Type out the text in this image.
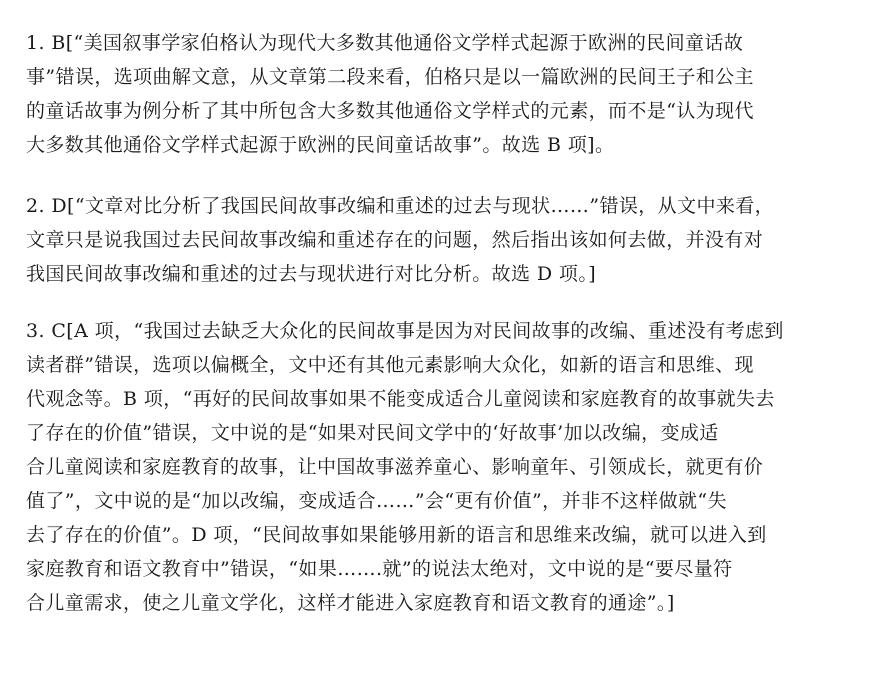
1. B[“美国叙事学家伯格认为现代大多数其他通俗文学样式起源于欧洲的民间童话故
事”错误，选项曲解文意，从文章第二段来看，伯格只是以一篇欧洲的民间王子和公主
的童话故事为例分析了其中所包含大多数其他通俗文学样式的元素，而不是“认为现代
大多数其他通俗文学样式起源于欧洲的民间童话故事”。故选 B 项]。
2. D[“文章对比分析了我国民间故事改编和重述的过去与现状……”错误，从文中来看，
文章只是说我国过去民间故事改编和重述存在的问题，然后指出该如何去做，并没有对
我国民间故事改编和重述的过去与现状进行对比分析。故选 D 项。]
3. C[A 项，“我国过去缺乏大众化的民间故事是因为对民间故事的改编、重述没有考虑到
读者群”错误，选项以偏概全，文中还有其他元素影响大众化，如新的语言和思维、现
代观念等。B 项，“再好的民间故事如果不能变成适合儿童阅读和家庭教育的故事就失去
了存在的价值”错误，文中说的是“如果对民间文学中的‘好故事’加以改编，变成适
合儿童阅读和家庭教育的故事，让中国故事滋养童心、影响童年、引领成长，就更有价
值了”，文中说的是“加以改编，变成适合……”会“更有价值”，并非不这样做就“失
去了存在的价值”。D 项，“民间故事如果能够用新的语言和思维来改编，就可以进入到
家庭教育和语文教育中”错误，“如果…….就”的说法太绝对，文中说的是“要尽量符
合儿童需求，使之儿童文学化，这样才能进入家庭教育和语文教育的通途”。]
